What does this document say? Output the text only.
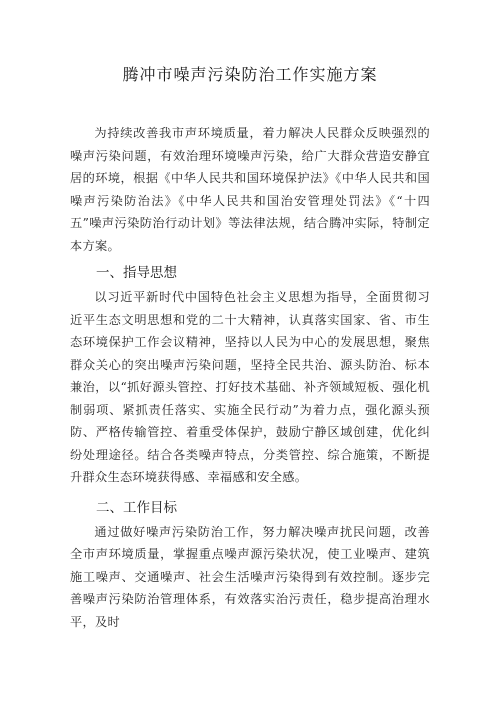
腾冲市噪声污染防治工作实施方案

为持续改善我市声环境质量，着力解决人民群众反映强烈的噪声污染问题，有效治理环境噪声污染，给广大群众营造安静宜居的环境，根据《中华人民共和国环境保护法》《中华人民共和国噪声污染防治法》《中华人民共和国治安管理处罚法》《“十四五”噪声污染防治行动计划》等法律法规，结合腾冲实际，特制定本方案。

一、指导思想

以习近平新时代中国特色社会主义思想为指导，全面贯彻习近平生态文明思想和党的二十大精神，认真落实国家、省、市生态环境保护工作会议精神，坚持以人民为中心的发展思想，聚焦群众关心的突出噪声污染问题，坚持全民共治、源头防治、标本兼治，以“抓好源头管控、打好技术基础、补齐领域短板、强化机制弱项、紧抓责任落实、实施全民行动”为着力点，强化源头预防、严格传输管控、着重受体保护，鼓励宁静区域创建，优化纠纷处理途径。结合各类噪声特点，分类管控、综合施策，不断提升群众生态环境获得感、幸福感和安全感。

二、工作目标

通过做好噪声污染防治工作，努力解决噪声扰民问题，改善全市声环境质量，掌握重点噪声源污染状况，使工业噪声、建筑施工噪声、交通噪声、社会生活噪声污染得到有效控制。逐步完善噪声污染防治管理体系，有效落实治污责任，稳步提高治理水平，及时
